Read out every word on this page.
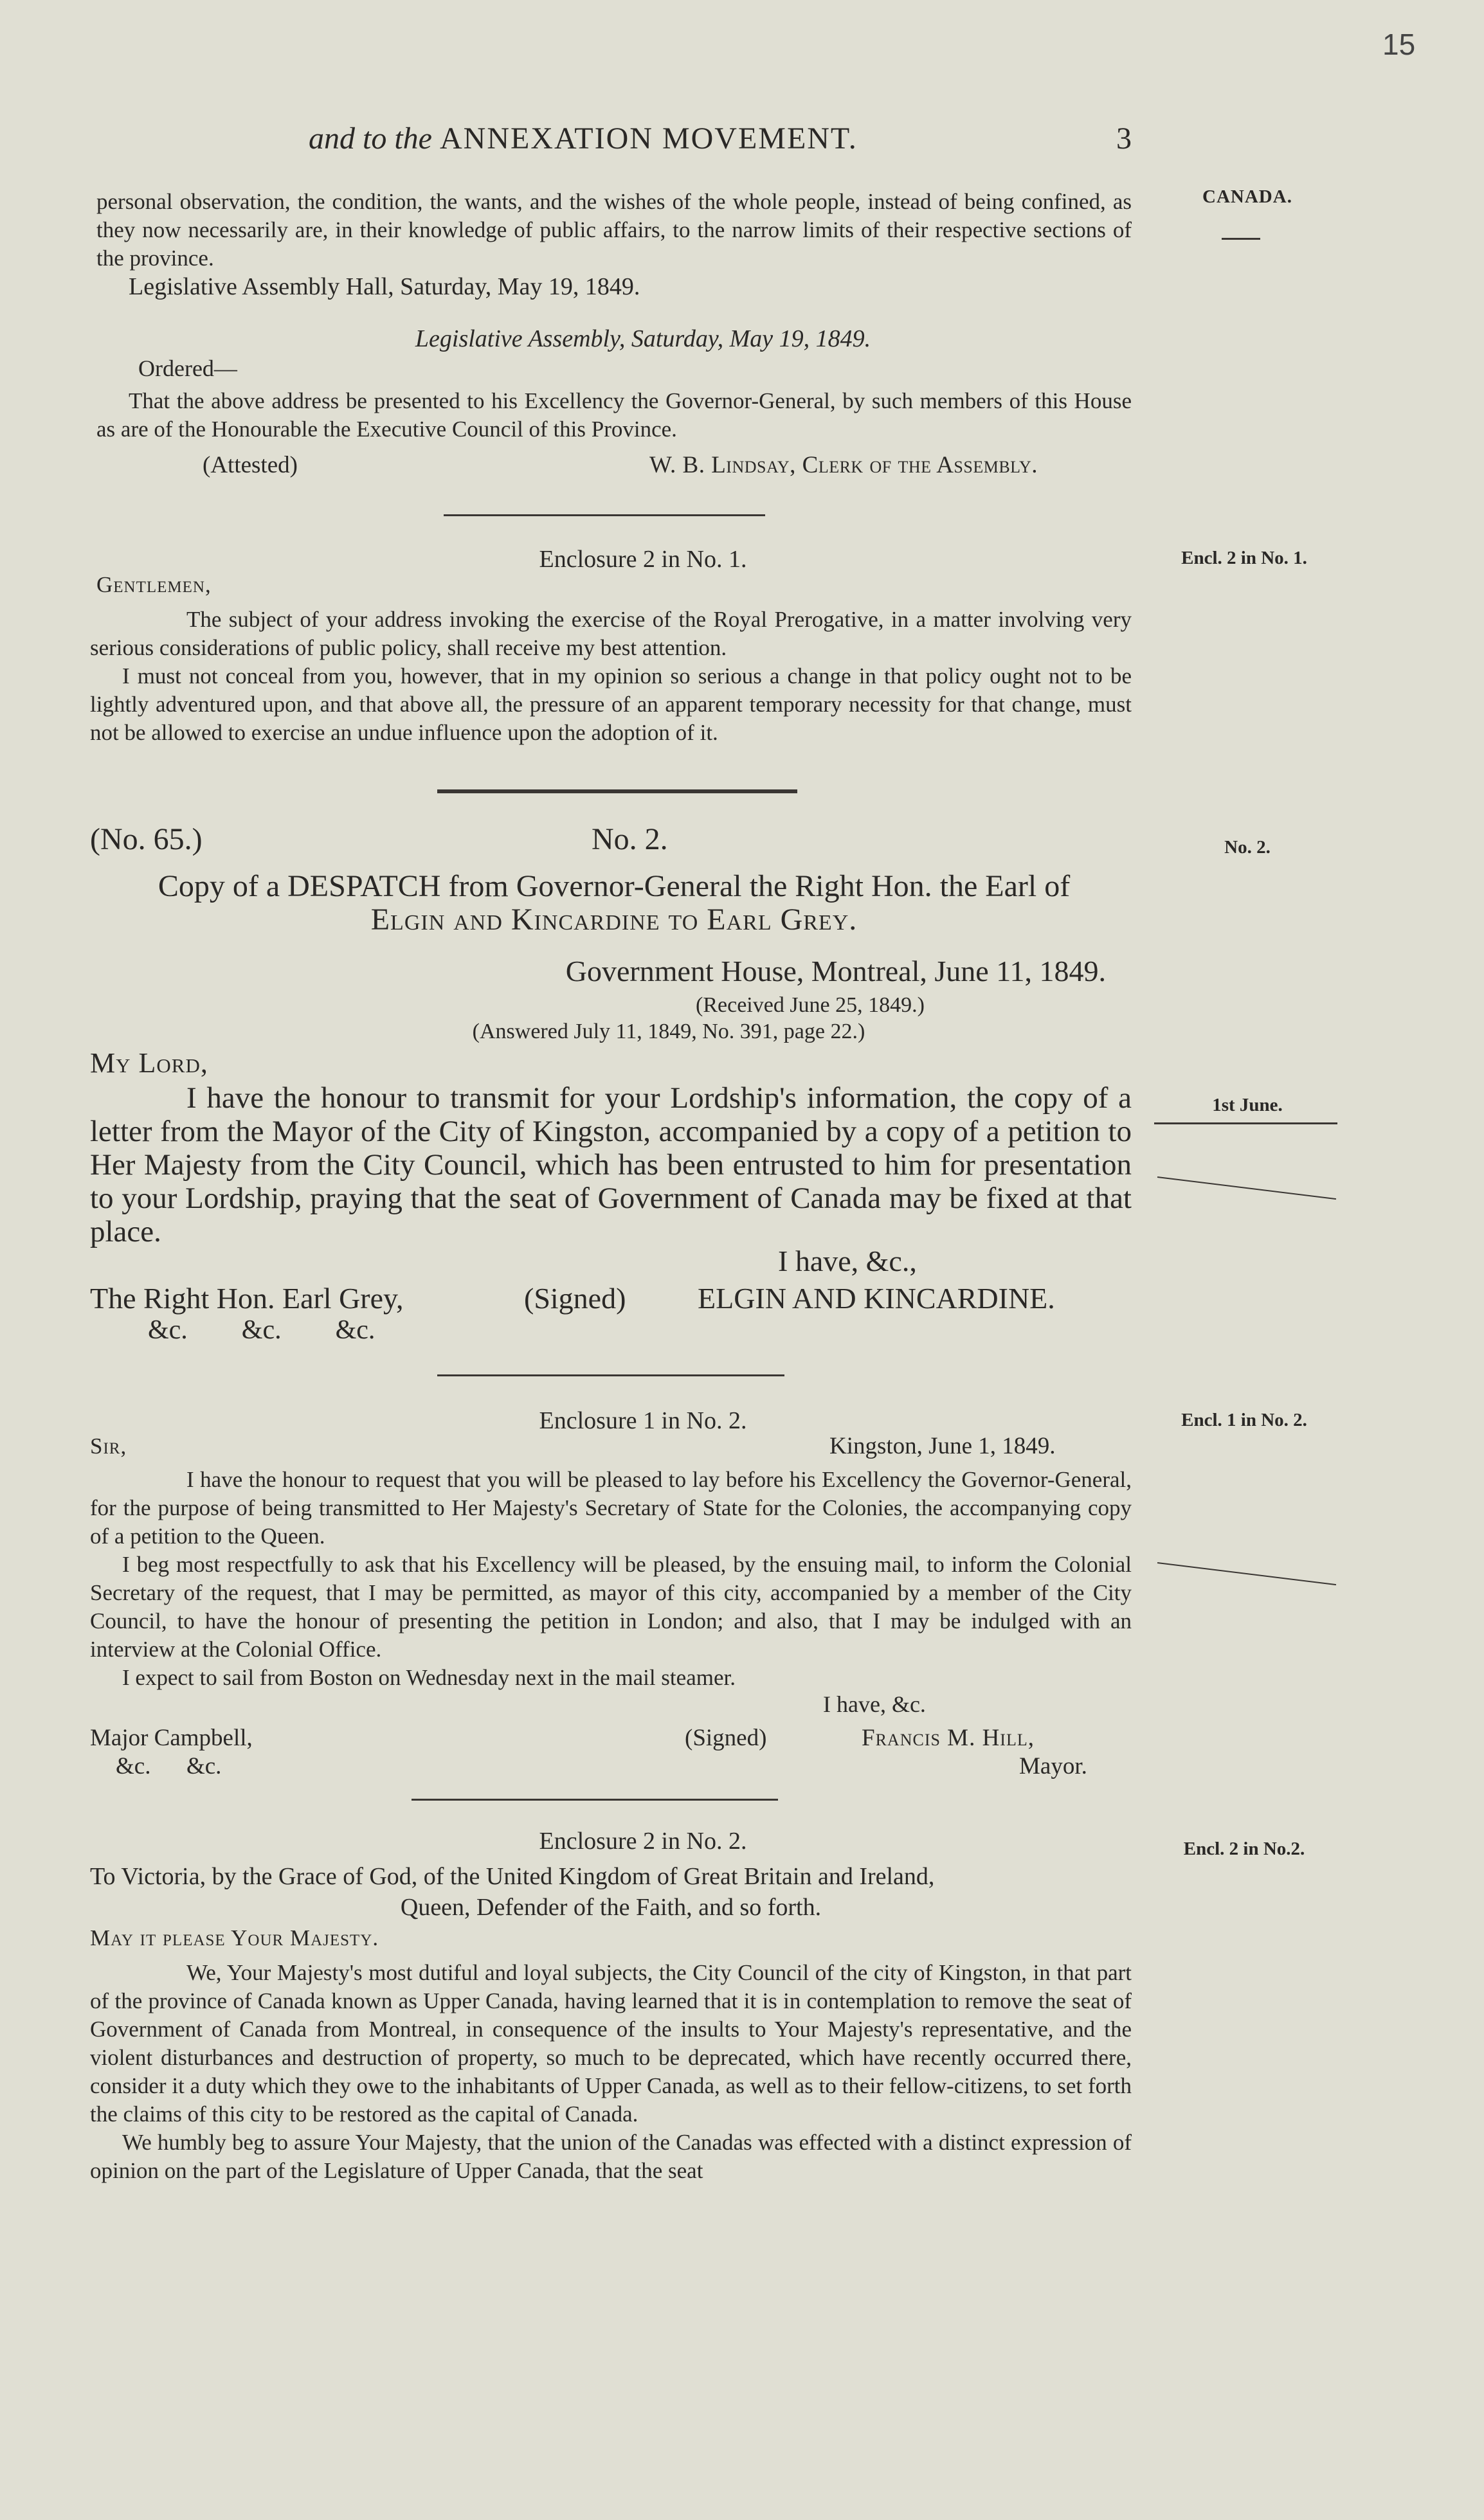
15
and to the ANNEXATION MOVEMENT.	3
CANADA.
Encl. 2 in No. 1.
No. 2.
1st June.
Encl. 1 in No. 2.
Encl. 2 in No.2.

personal observation, the condition, the wants, and the wishes of the whole people, instead of being confined, as they now necessarily are, in their knowledge of public affairs, to the narrow limits of their respective sections of the province.

Legislative Assembly Hall, Saturday, May 19, 1849.

Legislative Assembly, Saturday, May 19, 1849.
Ordered—
That the above address be presented to his Excellency the Governor-General, by such members of this House as are of the Honourable the Executive Council of this Province.
(Attested)	W. B. Lindsay, Clerk of the Assembly.
Enclosure 2 in No. 1.
Gentlemen,

The subject of your address invoking the exercise of the Royal Prerogative, in a matter involving very serious considerations of public policy, shall receive my best attention.

I must not conceal from you, however, that in my opinion so serious a change in that policy ought not to be lightly adventured upon, and that above all, the pressure of an apparent temporary necessity for that change, must not be allowed to exercise an undue influence upon the adoption of it.

(No. 65.)	No. 2.
Copy of a DESPATCH from Governor-General the Right Hon. the Earl of
Elgin and Kincardine to Earl Grey.
Government House, Montreal, June 11, 1849.
(Received June 25, 1849.)
(Answered July 11, 1849, No. 391, page 22.)
My Lord,
I have the honour to transmit for your Lordship's information, the copy of a letter from the Mayor of the City of Kingston, accompanied by a copy of a petition to Her Majesty from the City Council, which has been entrusted to him for presentation to your Lordship, praying that the seat of Government of Canada may be fixed at that place.
I have, &c.,
The Right Hon. Earl Grey,	(Signed) ELGIN AND KINCARDINE.
&c.        &c.        &c.
Enclosure 1 in No. 2.
Sir,	Kingston, June 1, 1849.

I have the honour to request that you will be pleased to lay before his Excellency the Governor-General, for the purpose of being transmitted to Her Majesty's Secretary of State for the Colonies, the accompanying copy of a petition to the Queen.

I beg most respectfully to ask that his Excellency will be pleased, by the ensuing mail, to inform the Colonial Secretary of the request, that I may be permitted, as mayor of this city, accompanied by a member of the City Council, to have the honour of presenting the petition in London; and also, that I may be indulged with an interview at the Colonial Office.

I expect to sail from Boston on Wednesday next in the mail steamer.

I have, &c.
Major Campbell,	(Signed)	Francis M. Hill,
&c.      &c.	Mayor.
Enclosure 2 in No. 2.
To Victoria, by the Grace of God, of the United Kingdom of Great Britain and Ireland,
Queen, Defender of the Faith, and so forth.
May it please Your Majesty.

We, Your Majesty's most dutiful and loyal subjects, the City Council of the city of Kingston, in that part of the province of Canada known as Upper Canada, having learned that it is in contemplation to remove the seat of Government of Canada from Montreal, in consequence of the insults to Your Majesty's representative, and the violent disturbances and destruction of property, so much to be deprecated, which have recently occurred there, consider it a duty which they owe to the inhabitants of Upper Canada, as well as to their fellow-citizens, to set forth the claims of this city to be restored as the capital of Canada.

We humbly beg to assure Your Majesty, that the union of the Canadas was effected with a distinct expression of opinion on the part of the Legislature of Upper Canada, that the seat
